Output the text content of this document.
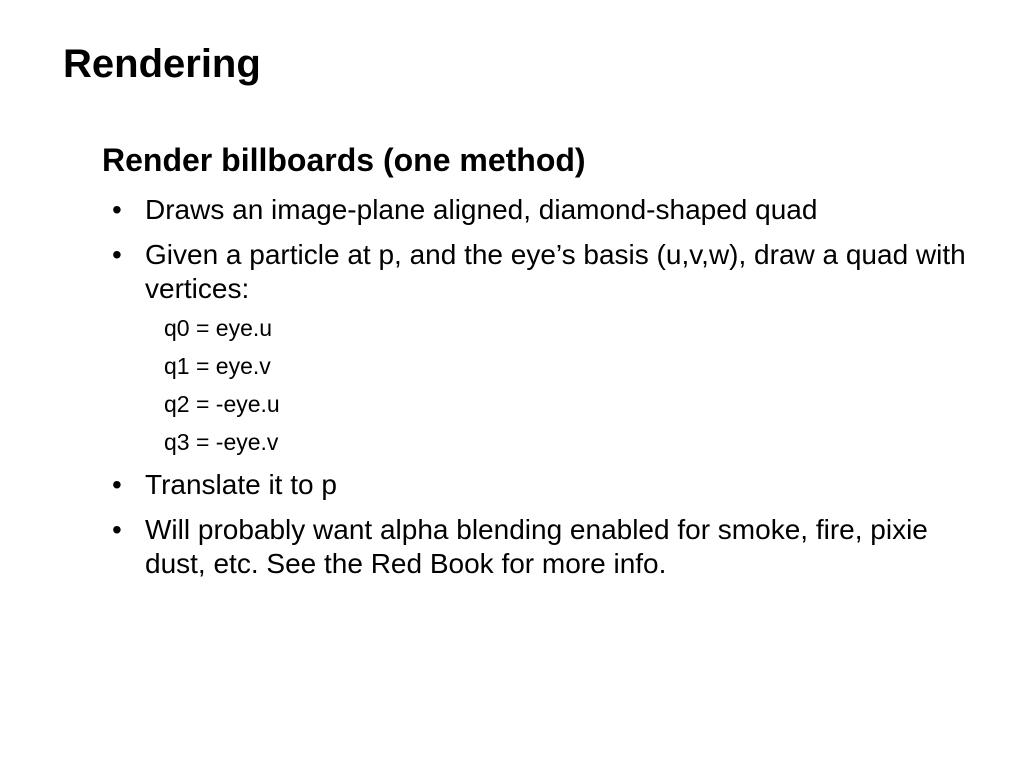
Rendering
Render billboards (one method)
• Draws an image-plane aligned, diamond-shaped quad
• Given a particle at p, and the eye’s basis (u,v,w), draw a quad with vertices:
q0 = eye.u
q1 = eye.v
q2 = -eye.u
q3 = -eye.v
• Translate it to p
• Will probably want alpha blending enabled for smoke, fire, pixie dust, etc. See the Red Book for more info.
